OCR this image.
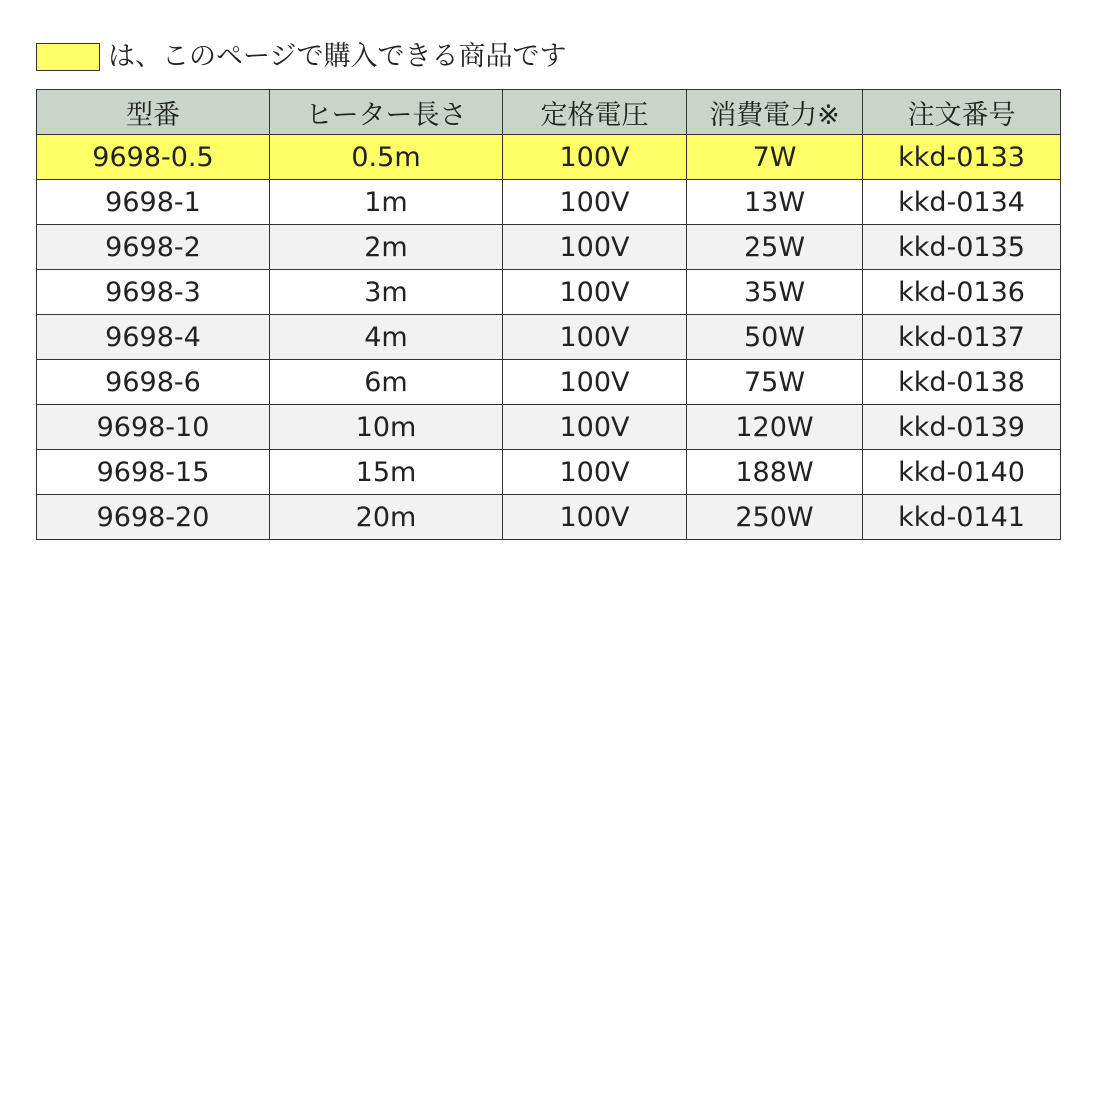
は、このページで購入できる商品です
型番	ヒーター長さ	定格電圧	消費電力※	注文番号
9698-0.5	0.5m	100V	7W	kkd-0133
9698-1	1m	100V	13W	kkd-0134
9698-2	2m	100V	25W	kkd-0135
9698-3	3m	100V	35W	kkd-0136
9698-4	4m	100V	50W	kkd-0137
9698-6	6m	100V	75W	kkd-0138
9698-10	10m	100V	120W	kkd-0139
9698-15	15m	100V	188W	kkd-0140
9698-20	20m	100V	250W	kkd-0141
